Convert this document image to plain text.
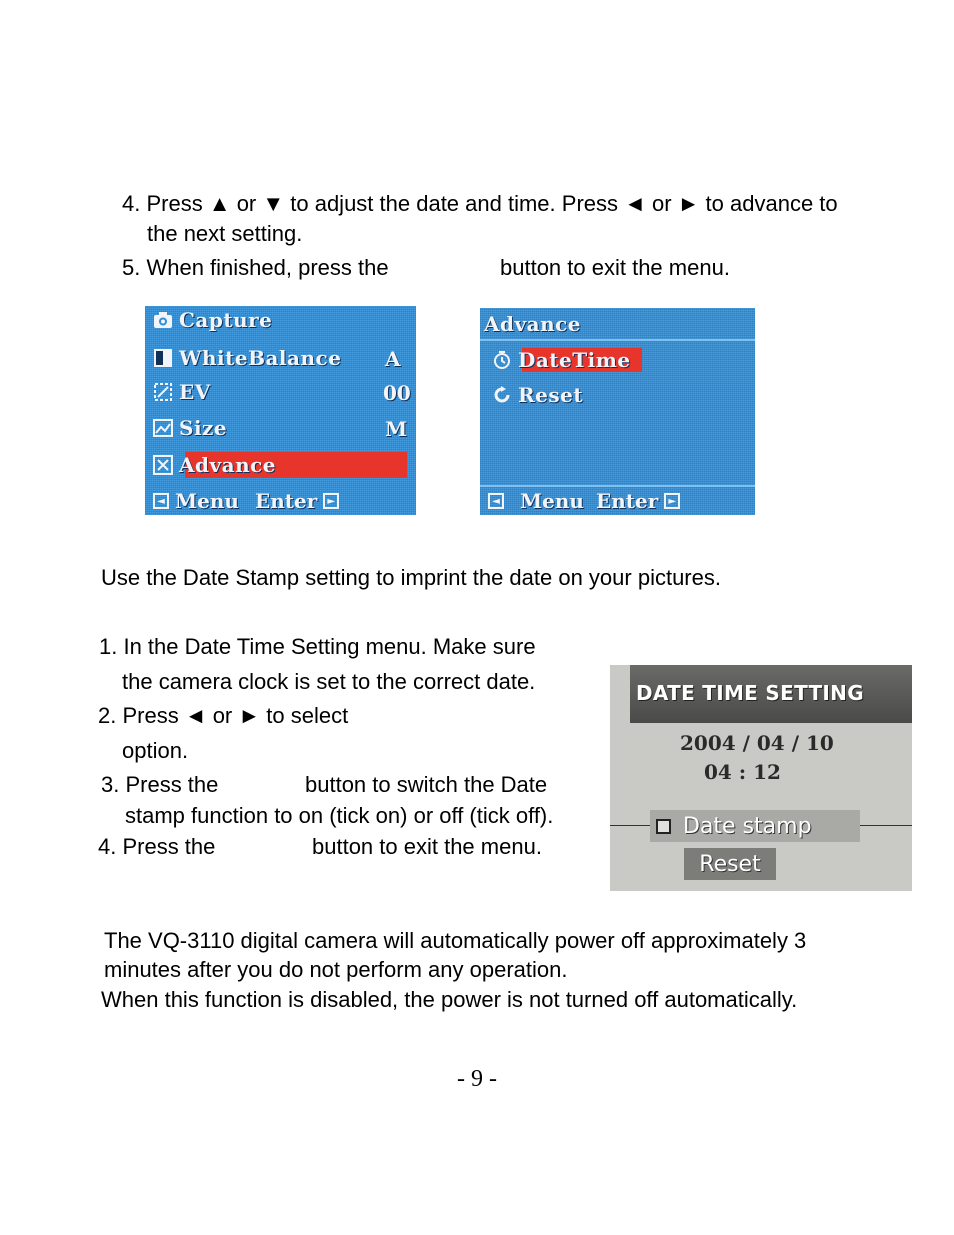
4. Press ▲ or ▼ to adjust the date and time. Press ◄ or ► to advance to
the next setting.
5. When finished, press the	button to exit the menu.
Capture
WhiteBalance A
EV	00
Size	M
Advance
◄ Menu Enter	►
Advance
DateTime
Reset
◄ Menu Enter	►
Use the Date Stamp setting to imprint the date on your pictures.
1. In the Date Time Setting menu. Make sure
the camera clock is set to the correct date.
2. Press ◄ or ► to select
option.
3. Press the	button to switch the Date
stamp function to on (tick on) or off (tick off).
4. Press the	button to exit the menu.
DATE TIME SETTING
2004 / 04 / 10
04 : 12
Date stamp
Reset
The VQ-3110 digital camera will automatically power off approximately 3
minutes after you do not perform any operation.
When this function is disabled, the power is not turned off automatically.
- 9 -
